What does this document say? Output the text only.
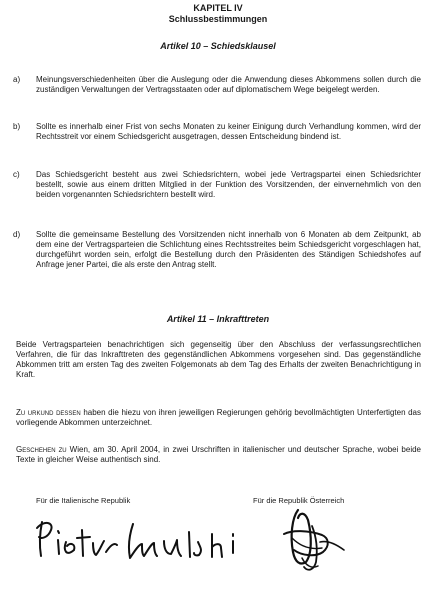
KAPITEL IV
Schlussbestimmungen
Artikel 10 – Schiedsklausel
a)	Meinungsverschiedenheiten über die Auslegung oder die Anwendung dieses Abkommens sollen durch die zuständigen Verwaltungen der Vertragsstaaten oder auf diplomatischem Wege beigelegt werden.
b)	Sollte es innerhalb einer Frist von sechs Monaten zu keiner Einigung durch Verhandlung kommen, wird der Rechtsstreit vor einem Schiedsgericht ausgetragen, dessen Entscheidung bindend ist.
c)	Das Schiedsgericht besteht aus zwei Schiedsrichtern, wobei jede Vertragspartei einen Schiedsrichter bestellt, sowie aus einem dritten Mitglied in der Funktion des Vorsitzenden, der einvernehmlich von den beiden vorgenannten Schiedsrichtern bestellt wird.
d)	Sollte die gemeinsame Bestellung des Vorsitzenden nicht innerhalb von 6 Monaten ab dem Zeitpunkt, ab dem eine der Vertragsparteien die Schlichtung eines Rechtsstreites beim Schiedsgericht vorgeschlagen hat, durchgeführt worden sein, erfolgt die Bestellung durch den Präsidenten des Ständigen Schiedshofes auf Anfrage jener Partei, die als erste den Antrag stellt.
Artikel 11 – Inkrafttreten
Beide Vertragsparteien benachrichtigen sich gegenseitig über den Abschluss der verfassungsrechtlichen Verfahren, die für das Inkrafttreten des gegenständlichen Abkommens vorgesehen sind. Das gegenständliche Abkommen tritt am ersten Tag des zweiten Folgemonats ab dem Tag des Erhalts der zweiten Benachrichtigung in Kraft.
Zu urkund dessen haben die hiezu von ihren jeweiligen Regierungen gehörig bevollmächtigten Unterfertigten das vorliegende Abkommen unterzeichnet.
Geschehen zu Wien, am 30. April 2004, in zwei Urschriften in italienischer und deutscher Sprache, wobei beide Texte in gleicher Weise authentisch sind.
Für die Italienische Republik	Für die Republik Österreich
